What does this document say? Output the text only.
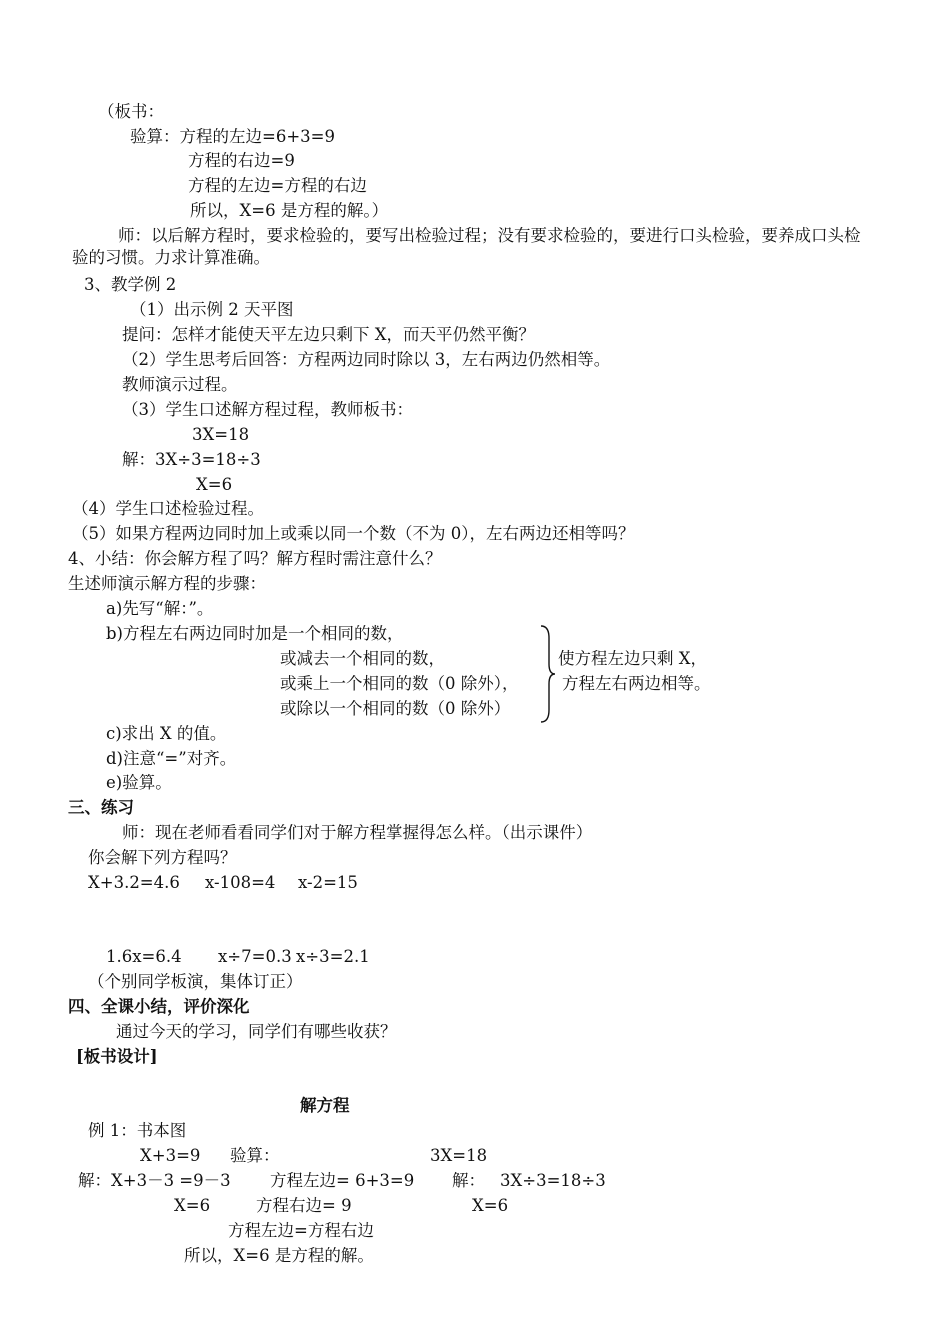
（板书：
验算：方程的左边=6+3=9
方程的右边=9
方程的左边=方程的右边
所以，X=6 是方程的解。）
师：以后解方程时，要求检验的，要写出检验过程；没有要求检验的，要进行口头检验，要养成口头检验的习惯。力求计算准确。
3、教学例 2
（1）出示例 2 天平图
提问：怎样才能使天平左边只剩下 X，而天平仍然平衡？
（2）学生思考后回答：方程两边同时除以 3，左右两边仍然相等。
教师演示过程。
（3）学生口述解方程过程，教师板书：
3X=18
解：3X÷3=18÷3
X=6
（4）学生口述检验过程。
（5）如果方程两边同时加上或乘以同一个数（不为 0），左右两边还相等吗？
4、小结：你会解方程了吗？解方程时需注意什么？
生述师演示解方程的步骤：
a)先写“解：”。
b)方程左右两边同时加是一个相同的数，
或减去一个相同的数，
或乘上一个相同的数（0 除外），
或除以一个相同的数（0 除外）
使方程左边只剩 X，
方程左右两边相等。
c)求出 X 的值。
d)注意“=”对齐。
e)验算。
三、练习
师：现在老师看看同学们对于解方程掌握得怎么样。（出示课件）
你会解下列方程吗？
X+3.2=4.6 x-108=4 x-2=15
1.6x=6.4 x÷7=0.3 x÷3=2.1
（个别同学板演，集体订正）
四、全课小结，评价深化
通过今天的学习，同学们有哪些收获？
[板书设计]
解方程
例 1：书本图
X+3=9 验算：	3X=18
解：X+3－3 =9－3 方程左边= 6+3=9 解： 3X÷3=18÷3
X=6	方程右边= 9	X=6
方程左边=方程右边
所以，X=6 是方程的解。
